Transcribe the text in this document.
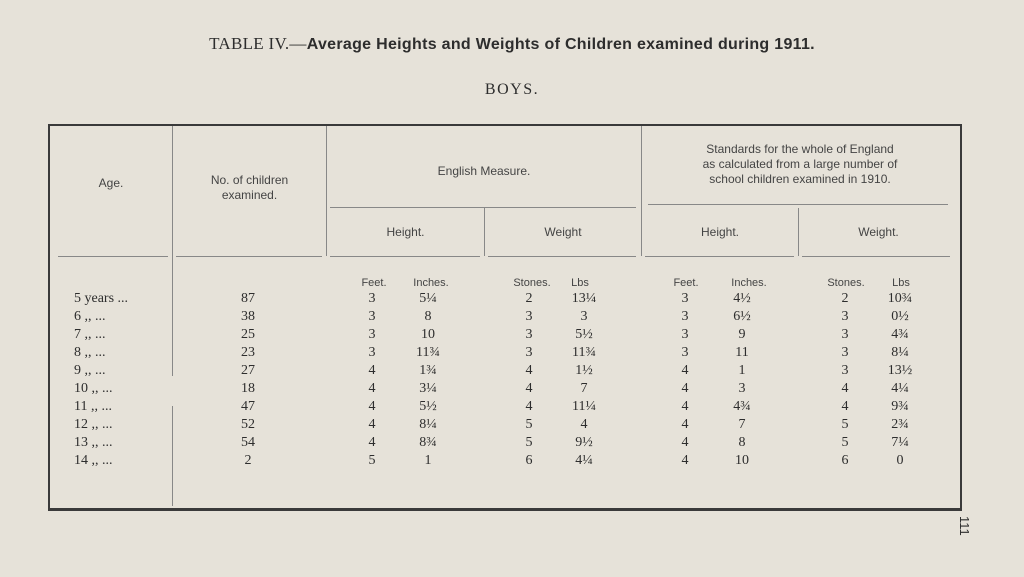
TABLE IV.—Average Heights and Weights of Children examined during 1911.
BOYS.
111
Age.	No. of children
examined.
English Measure.
Standards for the whole of England
as calculated from a large number of
school children examined in 1910.
Height.	Weight	Height.	Weight.
Feet.	Inches.	Stones.	Lbs	Feet.	Inches.	Stones.	Lbs
5 years ...	87	3	5¼	2	13¼	3	4½	2	10¾
6 ,, ...	38	3	8	3	3	3	6½	3	0½
7 ,, ...	25	3	10	3	5½	3	9	3	4¾
8 ,, ...	23	3	11¾	3	11¾	3	11	3	8¼
9 ,, ...	27	4	1¾	4	1½	4	1	3	13½
10 ,, ...	18	4	3¼	4	7	4	3	4	4¼
11 ,, ...	47	4	5½	4	11¼	4	4¾	4	9¾
12 ,, ...	52	4	8¼	5	4	4	7	5	2¾
13 ,, ...	54	4	8¾	5	9½	4	8	5	7¼
14 ,, ...	2	5	1	6	4¼	4	10	6	0
